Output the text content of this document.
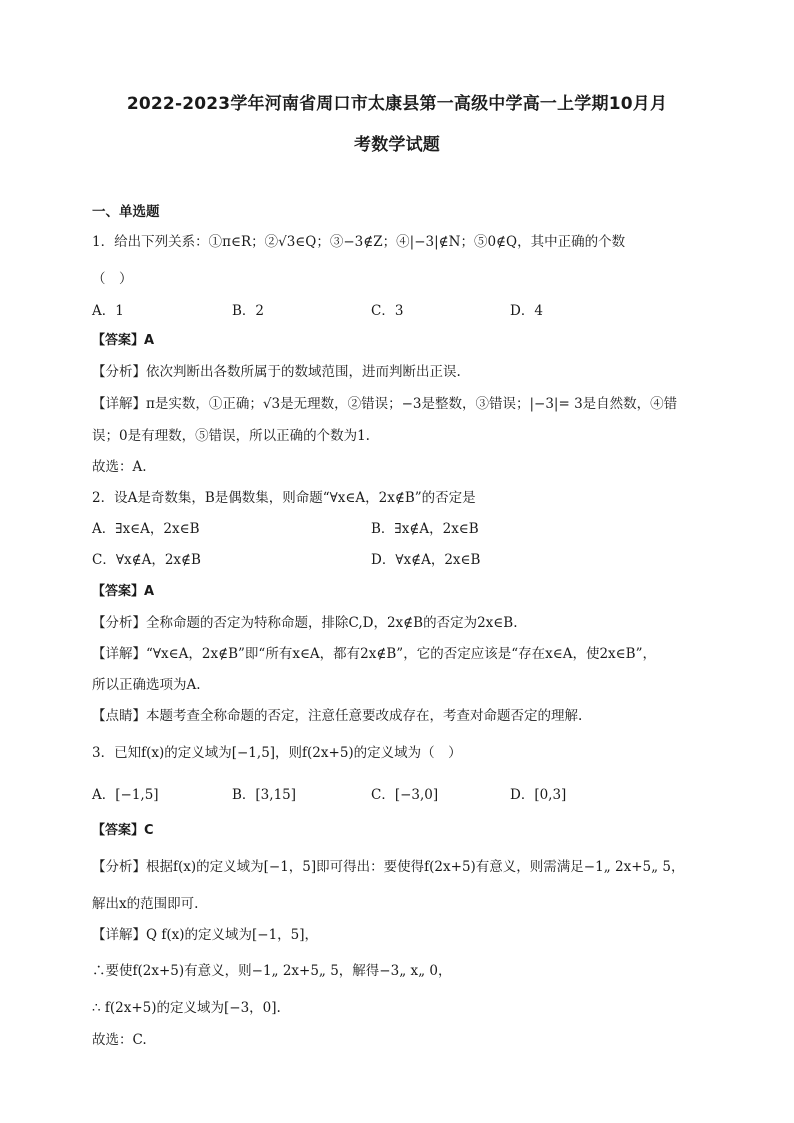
2022-2023学年河南省周口市太康县第一高级中学高一上学期10月月
考数学试题
一、单选题
1．给出下列关系：①π∈R；②√3∈Q；③−3∉Z；④|−3|∉N；⑤0∉Q，其中正确的个数
（　）
A．1	B．2	C．3	D．4
【答案】A
【分析】依次判断出各数所属于的数域范围，进而判断出正误.
【详解】π是实数，①正确；√3是无理数，②错误；−3是整数，③错误；|−3|= 3是自然数，④错
误；0是有理数，⑤错误，所以正确的个数为1.
故选：A.
2．设A是奇数集，B是偶数集，则命题“∀x∈A，2x∉B”的否定是
A．∃x∈A，2x∈B	B．∃x∉A，2x∈B
C．∀x∉A，2x∉B	D．∀x∉A，2x∈B
【答案】A
【分析】全称命题的否定为特称命题，排除C,D，2x∉B的否定为2x∈B.
【详解】“∀x∈A，2x∉B”即“所有x∈A，都有2x∉B”，它的否定应该是“存在x∈A，使2x∈B”，
所以正确选项为A.
【点睛】本题考查全称命题的否定，注意任意要改成存在，考查对命题否定的理解.
3．已知f(x)的定义域为[−1,5]，则f(2x+5)的定义域为（　）
A．[−1,5]	B．[3,15]	C．[−3,0]	D．[0,3]
【答案】C
【分析】根据f(x)的定义域为[−1，5]即可得出：要使得f(2x+5)有意义，则需满足−1„ 2x+5„ 5，
解出x的范围即可.
【详解】Q f(x)的定义域为[−1，5]，
∴要使f(2x+5)有意义，则−1„ 2x+5„ 5，解得−3„ x„ 0，
∴ f(2x+5)的定义域为[−3，0].
故选：C.
